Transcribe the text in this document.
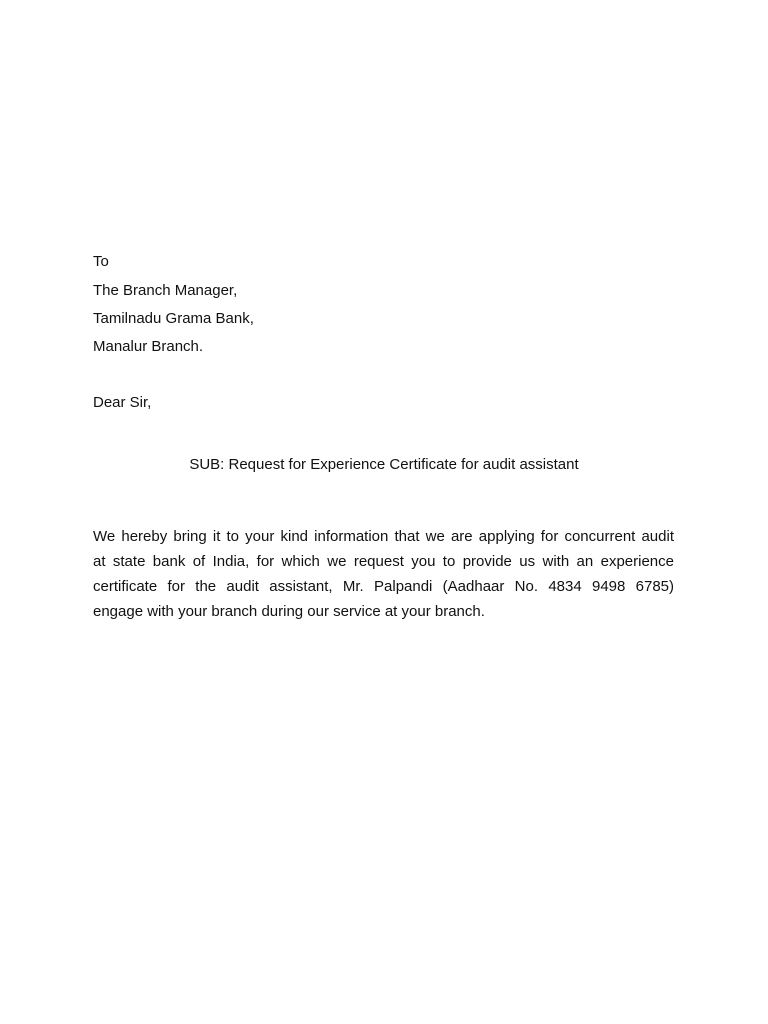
To
The Branch Manager,
Tamilnadu Grama Bank,
Manalur Branch.
Dear Sir,
SUB: Request for Experience Certificate for audit assistant
We hereby bring it to your kind information that we are applying for concurrent audit
at state bank of India, for which we request you to provide us with an experience
certificate for the audit assistant, Mr. Palpandi (Aadhaar No. 4834 9498 6785)
engage with your branch during our service at your branch.
